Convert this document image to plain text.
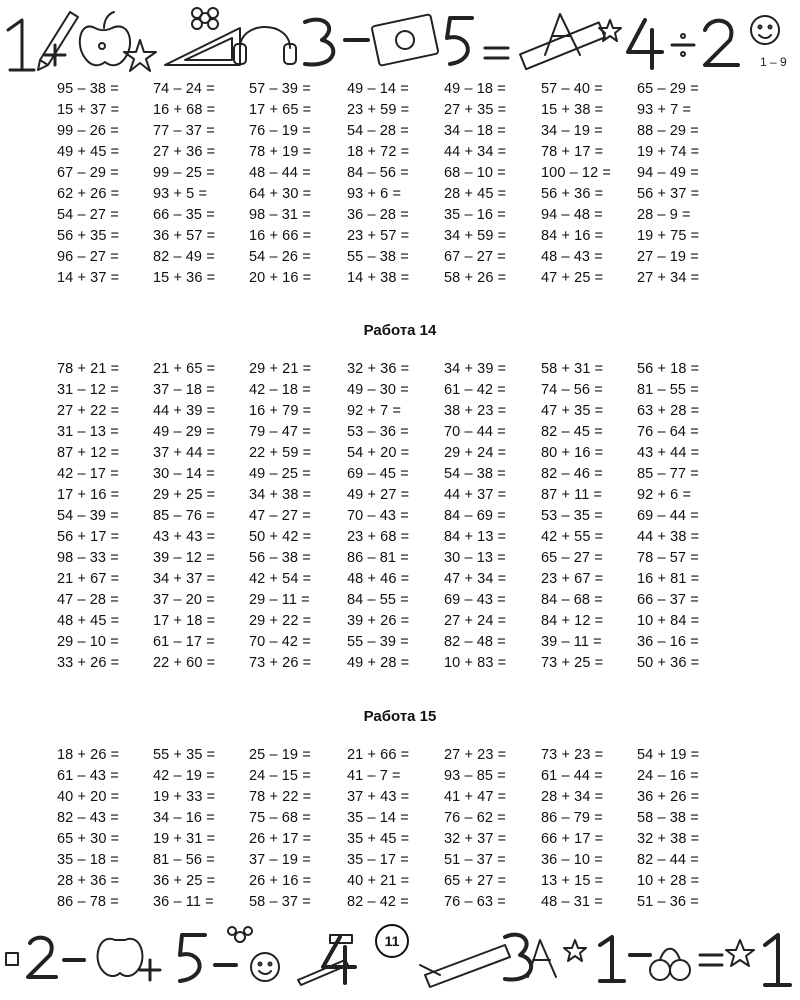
1 – 9
95 – 38 = 74 – 24 = 57 – 39 = 49 – 14 = 49 – 18 = 57 – 40 = 65 – 29 =
15 + 37 = 16 + 68 = 17 + 65 = 23 + 59 = 27 + 35 = 15 + 38 = 93 + 7 =
99 – 26 = 77 – 37 = 76 – 19 = 54 – 28 = 34 – 18 = 34 – 19 = 88 – 29 =
49 + 45 = 27 + 36 = 78 + 19 = 18 + 72 = 44 + 34 = 78 + 17 = 19 + 74 =
67 – 29 = 99 – 25 = 48 – 44 = 84 – 56 = 68 – 10 = 100 – 12 = 94 – 49 =
62 + 26 = 93 + 5 =	64 + 30 = 93 + 6 =	28 + 45 = 56 + 36 = 56 + 37 =
54 – 27 = 66 – 35 = 98 – 31 = 36 – 28 = 35 – 16 = 94 – 48 = 28 – 9 =
56 + 35 = 36 + 57 = 16 + 66 = 23 + 57 = 34 + 59 = 84 + 16 = 19 + 75 =
96 – 27 = 82 – 49 = 54 – 26 = 55 – 38 = 67 – 27 = 48 – 43 = 27 – 19 =
14 + 37 = 15 + 36 = 20 + 16 = 14 + 38 = 58 + 26 = 47 + 25 = 27 + 34 =
Работа 14
78 + 21 = 21 + 65 = 29 + 21 = 32 + 36 = 34 + 39 = 58 + 31 = 56 + 18 =
31 – 12 = 37 – 18 = 42 – 18 = 49 – 30 = 61 – 42 = 74 – 56 = 81 – 55 =
27 + 22 = 44 + 39 = 16 + 79 = 92 + 7 =	38 + 23 = 47 + 35 = 63 + 28 =
31 – 13 = 49 – 29 = 79 – 47 = 53 – 36 = 70 – 44 = 82 – 45 = 76 – 64 =
87 + 12 = 37 + 44 = 22 + 59 = 54 + 20 = 29 + 24 = 80 + 16 = 43 + 44 =
42 – 17 = 30 – 14 = 49 – 25 = 69 – 45 = 54 – 38 = 82 – 46 = 85 – 77 =
17 + 16 = 29 + 25 = 34 + 38 = 49 + 27 = 44 + 37 = 87 + 11 = 92 + 6 =
54 – 39 = 85 – 76 = 47 – 27 = 70 – 43 = 84 – 69 = 53 – 35 = 69 – 44 =
56 + 17 = 43 + 43 = 50 + 42 = 23 + 68 = 84 + 13 = 42 + 55 = 44 + 38 =
98 – 33 = 39 – 12 = 56 – 38 = 86 – 81 = 30 – 13 = 65 – 27 = 78 – 57 =
21 + 67 = 34 + 37 = 42 + 54 = 48 + 46 = 47 + 34 = 23 + 67 = 16 + 81 =
47 – 28 = 37 – 20 = 29 – 11 =	84 – 55 = 69 – 43 = 84 – 68 = 66 – 37 =
48 + 45 = 17 + 18 = 29 + 22 = 39 + 26 = 27 + 24 = 84 + 12 = 10 + 84 =
29 – 10 = 61 – 17 = 70 – 42 = 55 – 39 = 82 – 48 = 39 – 11 = 36 – 16 =
33 + 26 = 22 + 60 = 73 + 26 = 49 + 28 = 10 + 83 = 73 + 25 = 50 + 36 =
Работа 15
18 + 26 = 55 + 35 = 25 – 19 = 21 + 66 = 27 + 23 = 73 + 23 = 54 + 19 =
61 – 43 = 42 – 19 = 24 – 15 = 41 – 7 =	93 – 85 = 61 – 44 = 24 – 16 =
40 + 20 = 19 + 33 = 78 + 22 = 37 + 43 = 41 + 47 = 28 + 34 = 36 + 26 =
82 – 43 = 34 – 16 = 75 – 68 = 35 – 14 = 76 – 62 = 86 – 79 = 58 – 38 =
65 + 30 = 19 + 31 = 26 + 17 = 35 + 45 = 32 + 37 = 66 + 17 = 32 + 38 =
35 – 18 = 81 – 56 = 37 – 19 = 35 – 17 = 51 – 37 = 36 – 10 = 82 – 44 =
28 + 36 = 36 + 25 = 26 + 16 = 40 + 21 = 65 + 27 = 13 + 15 = 10 + 28 =
86 – 78 = 36 – 11 = 58 – 37 = 82 – 42 = 76 – 63 = 48 – 31 = 51 – 36 =
11
